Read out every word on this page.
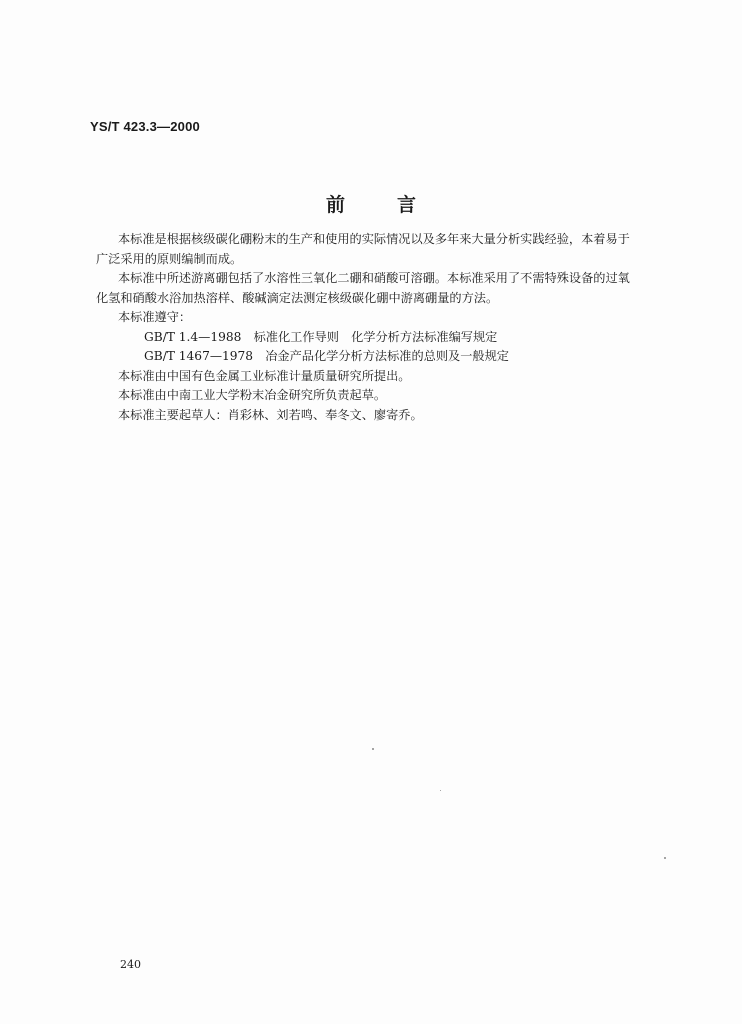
YS/T 423.3—2000
前	言
本标准是根据核级碳化硼粉末的生产和使用的实际情况以及多年来大量分析实践经验，本着易于
广泛采用的原则编制而成。
本标准中所述游离硼包括了水溶性三氧化二硼和硝酸可溶硼。本标准采用了不需特殊设备的过氧
化氢和硝酸水浴加热溶样、酸碱滴定法测定核级碳化硼中游离硼量的方法。
本标准遵守：
GB/T 1.4—1988　标准化工作导则　化学分析方法标准编写规定
GB/T 1467—1978　冶金产品化学分析方法标准的总则及一般规定
本标准由中国有色金属工业标准计量质量研究所提出。
本标准由中南工业大学粉末冶金研究所负责起草。
本标准主要起草人：肖彩林、刘若鸣、奉冬文、廖寄乔。
240
